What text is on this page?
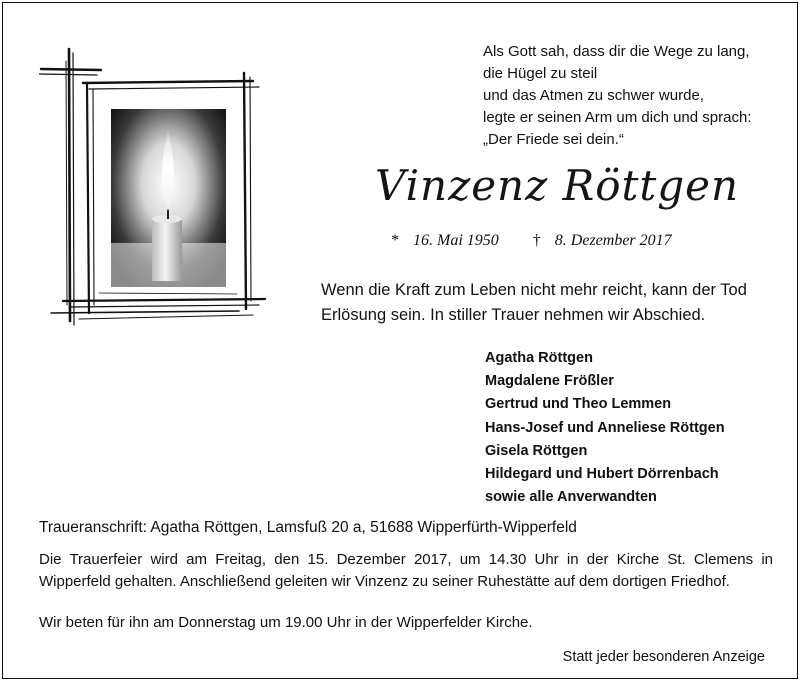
Als Gott sah, dass dir die Wege zu lang,
die Hügel zu steil
und das Atmen zu schwer wurde,
legte er seinen Arm um dich und sprach:
„Der Friede sei dein.“
Vinzenz Röttgen
* 16. Mai 1950 † 8. Dezember 2017
Wenn die Kraft zum Leben nicht mehr reicht, kann der Tod
Erlösung sein. In stiller Trauer nehmen wir Abschied.
Agatha Röttgen
Magdalene Frößler
Gertrud und Theo Lemmen
Hans-Josef und Anneliese Röttgen
Gisela Röttgen
Hildegard und Hubert Dörrenbach
sowie alle Anverwandten
Traueranschrift: Agatha Röttgen, Lamsfuß 20 a, 51688 Wipperfürth-Wipperfeld
Die Trauerfeier wird am Freitag, den 15. Dezember 2017, um 14.30 Uhr in der Kirche St. Clemens in Wipperfeld gehalten. Anschließend geleiten wir Vinzenz zu seiner Ruhestätte auf dem dortigen Friedhof.
Wir beten für ihn am Donnerstag um 19.00 Uhr in der Wipperfelder Kirche.
Statt jeder besonderen Anzeige
